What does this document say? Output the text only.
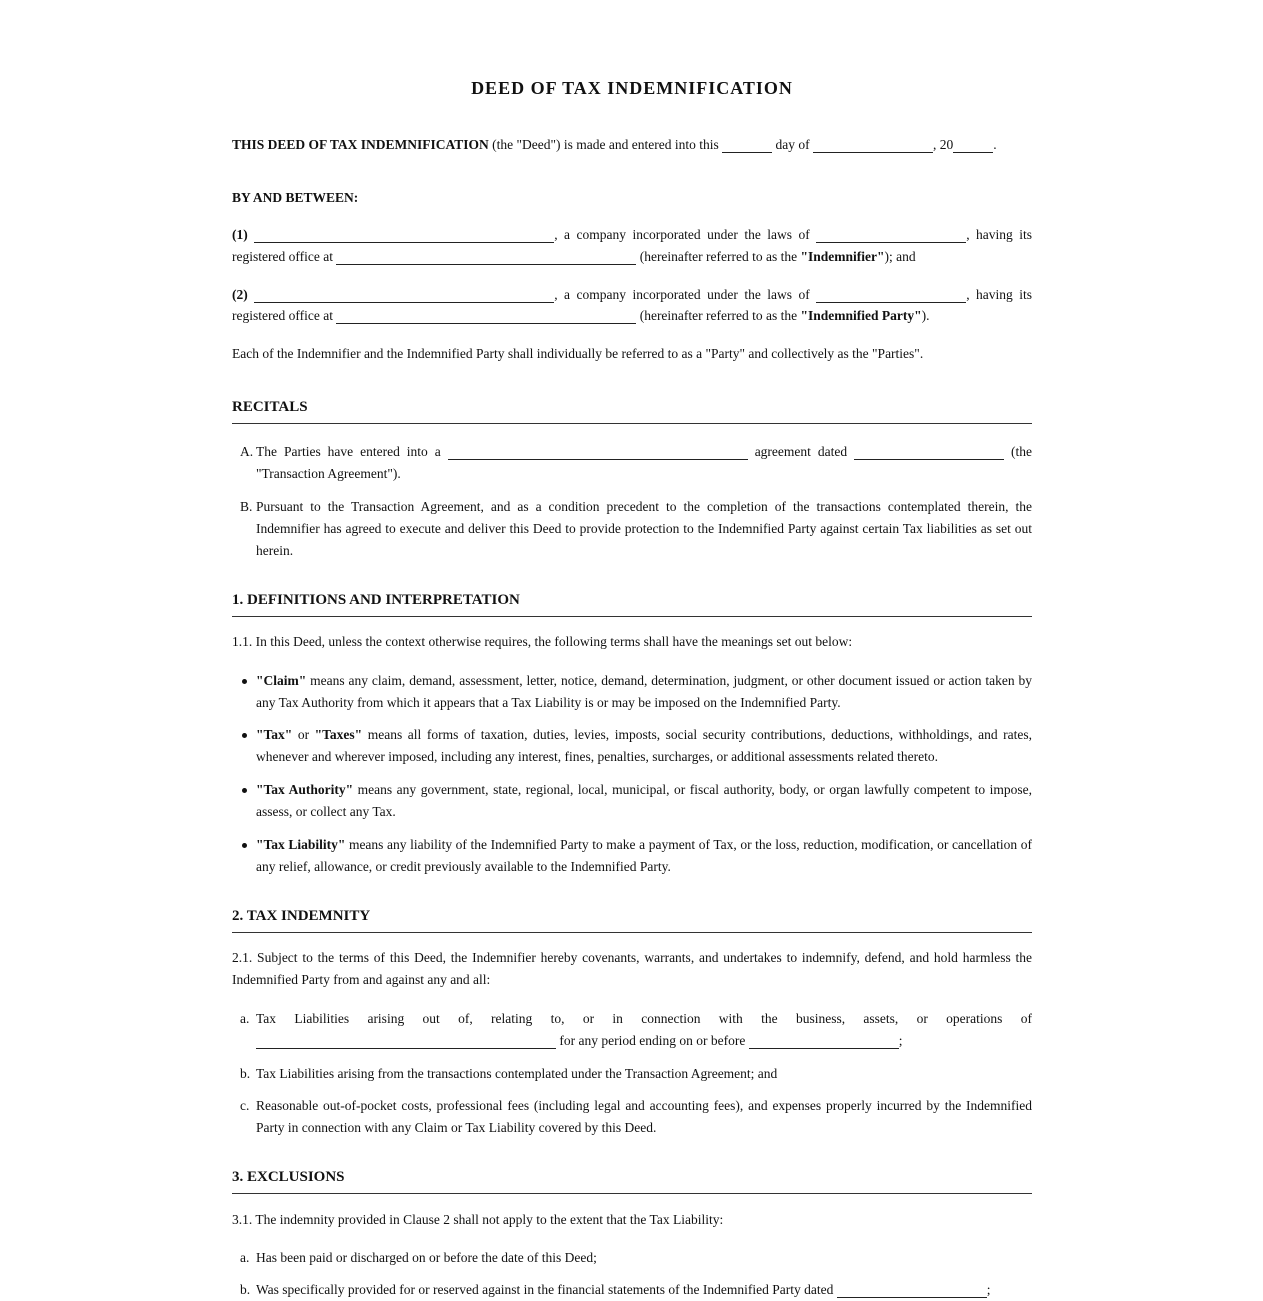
DEED OF TAX INDEMNIFICATION
THIS DEED OF TAX INDEMNIFICATION (the "Deed") is made and entered into this	day of	, 20	.
BY AND BETWEEN:
(1)	, a company incorporated under the laws of	, having its
registered office at	(hereinafter referred to as the "Indemnifier"); and
(2)	, a company incorporated under the laws of	, having its
registered office at	(hereinafter referred to as the "Indemnified Party").
Each of the Indemnifier and the Indemnified Party shall individually be referred to as a "Party" and collectively as the "Parties".
RECITALS
A. The Parties have entered into a	agreement dated	(the
"Transaction Agreement").
B. Pursuant to the Transaction Agreement, and as a condition precedent to the completion of the transactions contemplated therein, the Indemnifier has agreed to execute and deliver this Deed to provide protection to the Indemnified Party against certain Tax liabilities as set out herein.
1. DEFINITIONS AND INTERPRETATION
1.1. In this Deed, unless the context otherwise requires, the following terms shall have the meanings set out below:
"Claim" means any claim, demand, assessment, letter, notice, demand, determination, judgment, or other document issued or action taken by any Tax Authority from which it appears that a Tax Liability is or may be imposed on the Indemnified Party.
"Tax" or "Taxes" means all forms of taxation, duties, levies, imposts, social security contributions, deductions, withholdings, and rates, whenever and wherever imposed, including any interest, fines, penalties, surcharges, or additional assessments related thereto.
"Tax Authority" means any government, state, regional, local, municipal, or fiscal authority, body, or organ lawfully competent to impose, assess, or collect any Tax.
"Tax Liability" means any liability of the Indemnified Party to make a payment of Tax, or the loss, reduction, modification, or cancellation of any relief, allowance, or credit previously available to the Indemnified Party.
2. TAX INDEMNITY
2.1. Subject to the terms of this Deed, the Indemnifier hereby covenants, warrants, and undertakes to indemnify, defend, and hold harmless the Indemnified Party from and against any and all:
a. Tax Liabilities arising out of, relating to, or in connection with the business, assets, or operations of
for any period ending on or before	;
b. Tax Liabilities arising from the transactions contemplated under the Transaction Agreement; and
c. Reasonable out-of-pocket costs, professional fees (including legal and accounting fees), and expenses properly incurred by the Indemnified Party in connection with any Claim or Tax Liability covered by this Deed.
3. EXCLUSIONS
3.1. The indemnity provided in Clause 2 shall not apply to the extent that the Tax Liability:
a. Has been paid or discharged on or before the date of this Deed;
b. Was specifically provided for or reserved against in the financial statements of the Indemnified Party dated	;
